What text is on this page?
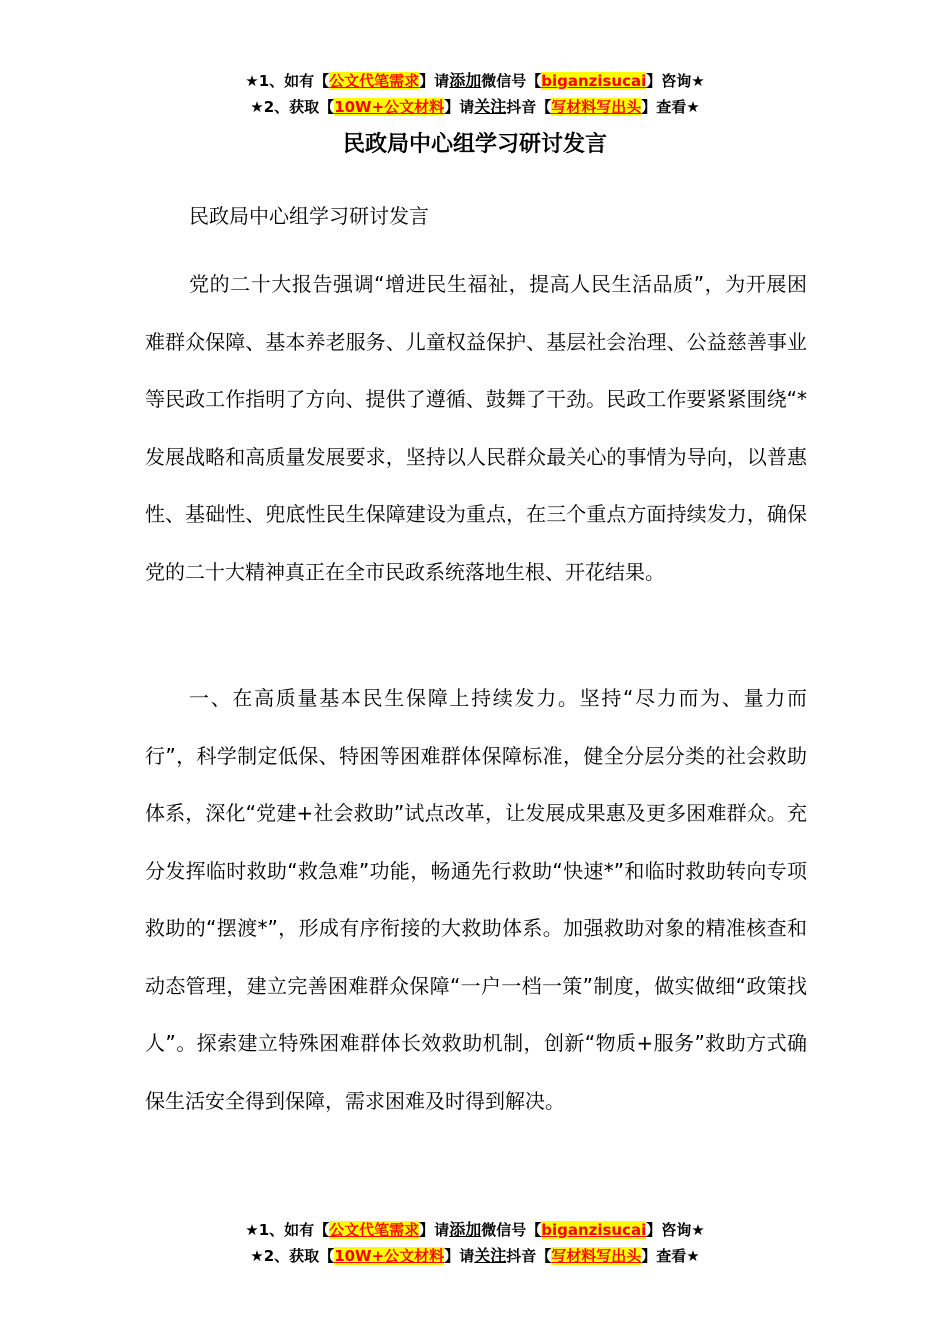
★1、如有【公文代笔需求】请添加微信号【biganzisucai】咨询★
★2、获取【10W+公文材料】请关注抖音【写材料写出头】查看★
民政局中心组学习研讨发言

民政局中心组学习研讨发言

党的二十大报告强调“增进民生福祉，提高人民生活品质”，为开展困难群众保障、基本养老服务、儿童权益保护、基层社会治理、公益慈善事业等民政工作指明了方向、提供了遵循、鼓舞了干劲。民政工作要紧紧围绕“*发展战略和高质量发展要求，坚持以人民群众最关心的事情为导向，以普惠性、基础性、兜底性民生保障建设为重点，在三个重点方面持续发力，确保党的二十大精神真正在全市民政系统落地生根、开花结果。

一、在高质量基本民生保障上持续发力。坚持“尽力而为、量力而行”，科学制定低保、特困等困难群体保障标准，健全分层分类的社会救助体系，深化“党建+社会救助”试点改革，让发展成果惠及更多困难群众。充分发挥临时救助“救急难”功能，畅通先行救助“快速*”和临时救助转向专项救助的“摆渡*”，形成有序衔接的大救助体系。加强救助对象的精准核查和动态管理，建立完善困难群众保障“一户一档一策”制度，做实做细“政策找人”。探索建立特殊困难群体长效救助机制，创新“物质+服务”救助方式确保生活安全得到保障，需求困难及时得到解决。

★1、如有【公文代笔需求】请添加微信号【biganzisucai】咨询★
★2、获取【10W+公文材料】请关注抖音【写材料写出头】查看★
